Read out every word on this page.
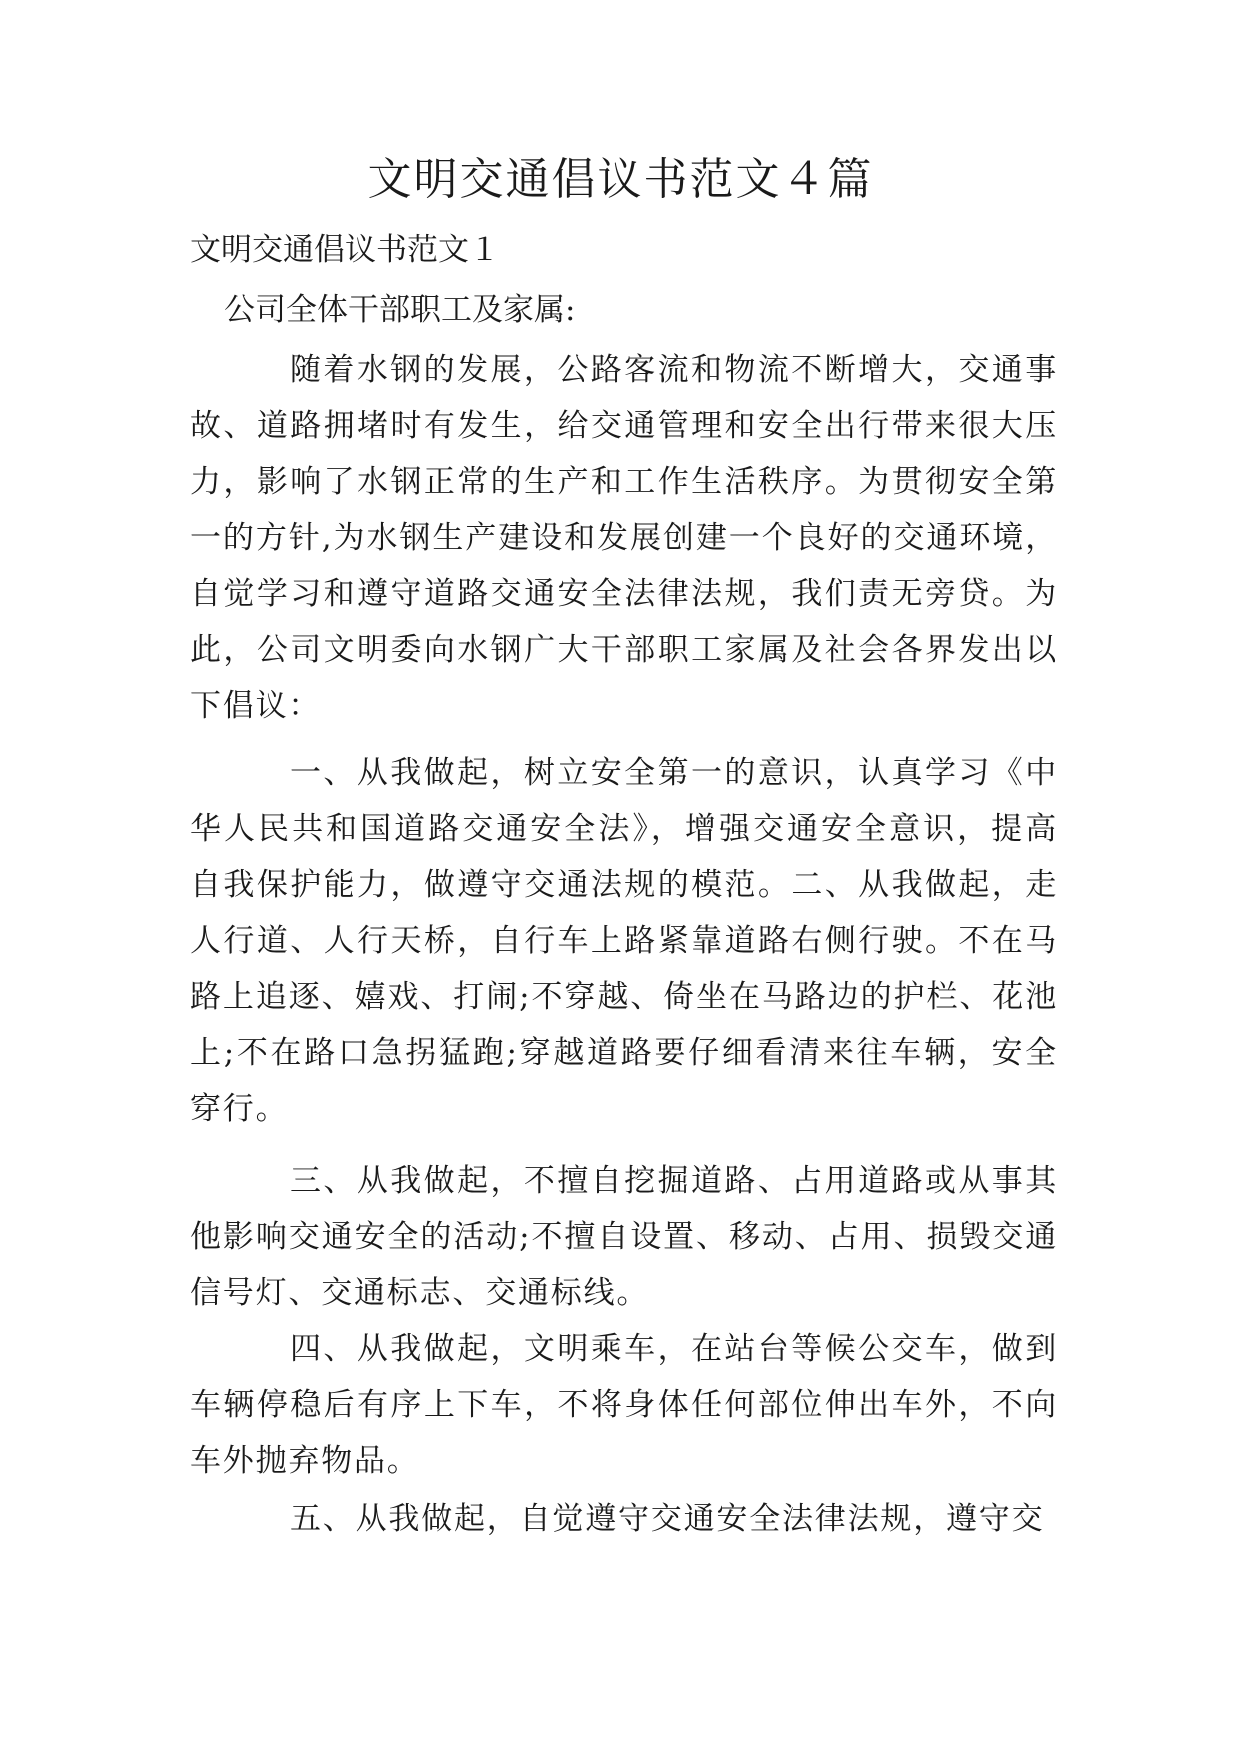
文明交通倡议书范文４篇
文明交通倡议书范文１

公司全体干部职工及家属:

随着水钢的发展，公路客流和物流不断增大，交通事故、道路拥堵时有发生，给交通管理和安全出行带来很大压力，影响了水钢正常的生产和工作生活秩序。为贯彻安全第一的方针,为水钢生产建设和发展创建一个良好的交通环境，自觉学习和遵守道路交通安全法律法规，我们责无旁贷。为此，公司文明委向水钢广大干部职工家属及社会各界发出以下倡议：

一、从我做起，树立安全第一的意识，认真学习《中华人民共和国道路交通安全法》，增强交通安全意识，提高自我保护能力，做遵守交通法规的模范。二、从我做起，走人行道、人行天桥，自行车上路紧靠道路右侧行驶。不在马路上追逐、嬉戏、打闹;不穿越、倚坐在马路边的护栏、花池上;不在路口急拐猛跑;穿越道路要仔细看清来往车辆，安全穿行。

三、从我做起，不擅自挖掘道路、占用道路或从事其他影响交通安全的活动;不擅自设置、移动、占用、损毁交通信号灯、交通标志、交通标线。

四、从我做起，文明乘车，在站台等候公交车，做到车辆停稳后有序上下车，不将身体任何部位伸出车外，不向车外抛弃物品。

五、从我做起，自觉遵守交通安全法律法规，遵守交
